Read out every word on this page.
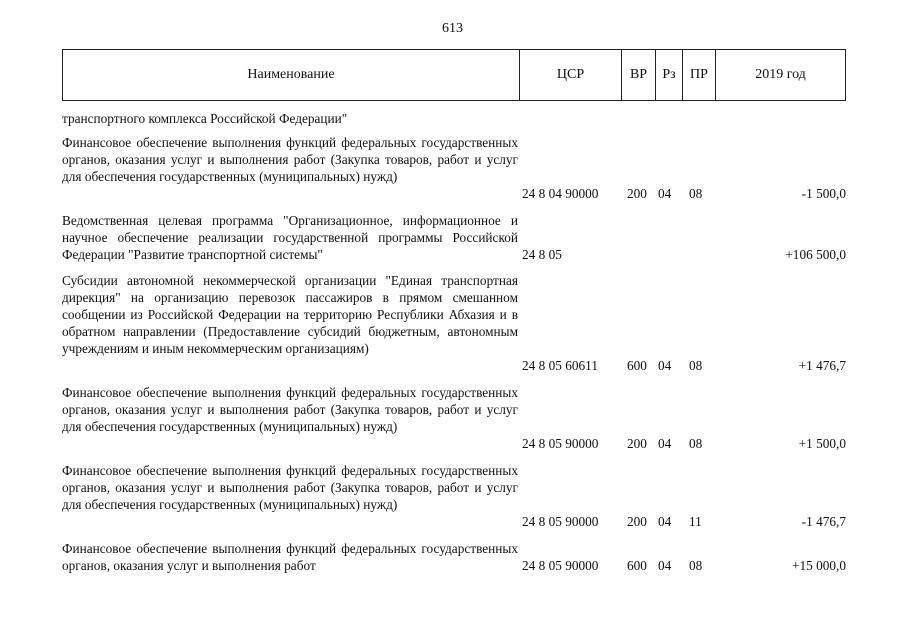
613
Наименование	ЦСР	ВР	Рз	ПР	2019 год
транспортного комплекса Российской Федерации"
Финансовое обеспечение выполнения функций федеральных государственных органов, оказания услуг и выполнения работ (Закупка товаров, работ и услуг для обеспечения государственных (муниципальных) нужд)
24 8 04 90000 200 04 08	-1 500,0
Ведомственная целевая программа "Организационное, информационное и научное обеспечение реализации государственной программы Российской Федерации "Развитие транспортной системы"	24 8 05	+106 500,0
Субсидии автономной некоммерческой организации "Единая транспортная дирекция" на организацию перевозок пассажиров в прямом смешанном сообщении из Российской Федерации на территорию Республики Абхазия и в обратном направлении (Предоставление субсидий бюджетным, автономным учреждениям и иным некоммерческим организациям)
24 8 05 60611 600 04 08	+1 476,7
Финансовое обеспечение выполнения функций федеральных государственных органов, оказания услуг и выполнения работ (Закупка товаров, работ и услуг для обеспечения государственных (муниципальных) нужд)
24 8 05 90000 200 04 08	+1 500,0
Финансовое обеспечение выполнения функций федеральных государственных органов, оказания услуг и выполнения работ (Закупка товаров, работ и услуг для обеспечения государственных (муниципальных) нужд)
24 8 05 90000 200 04 11	-1 476,7
Финансовое обеспечение выполнения функций федеральных государственных органов, оказания услуг и выполнения работ	24 8 05 90000 600 04 08	+15 000,0
